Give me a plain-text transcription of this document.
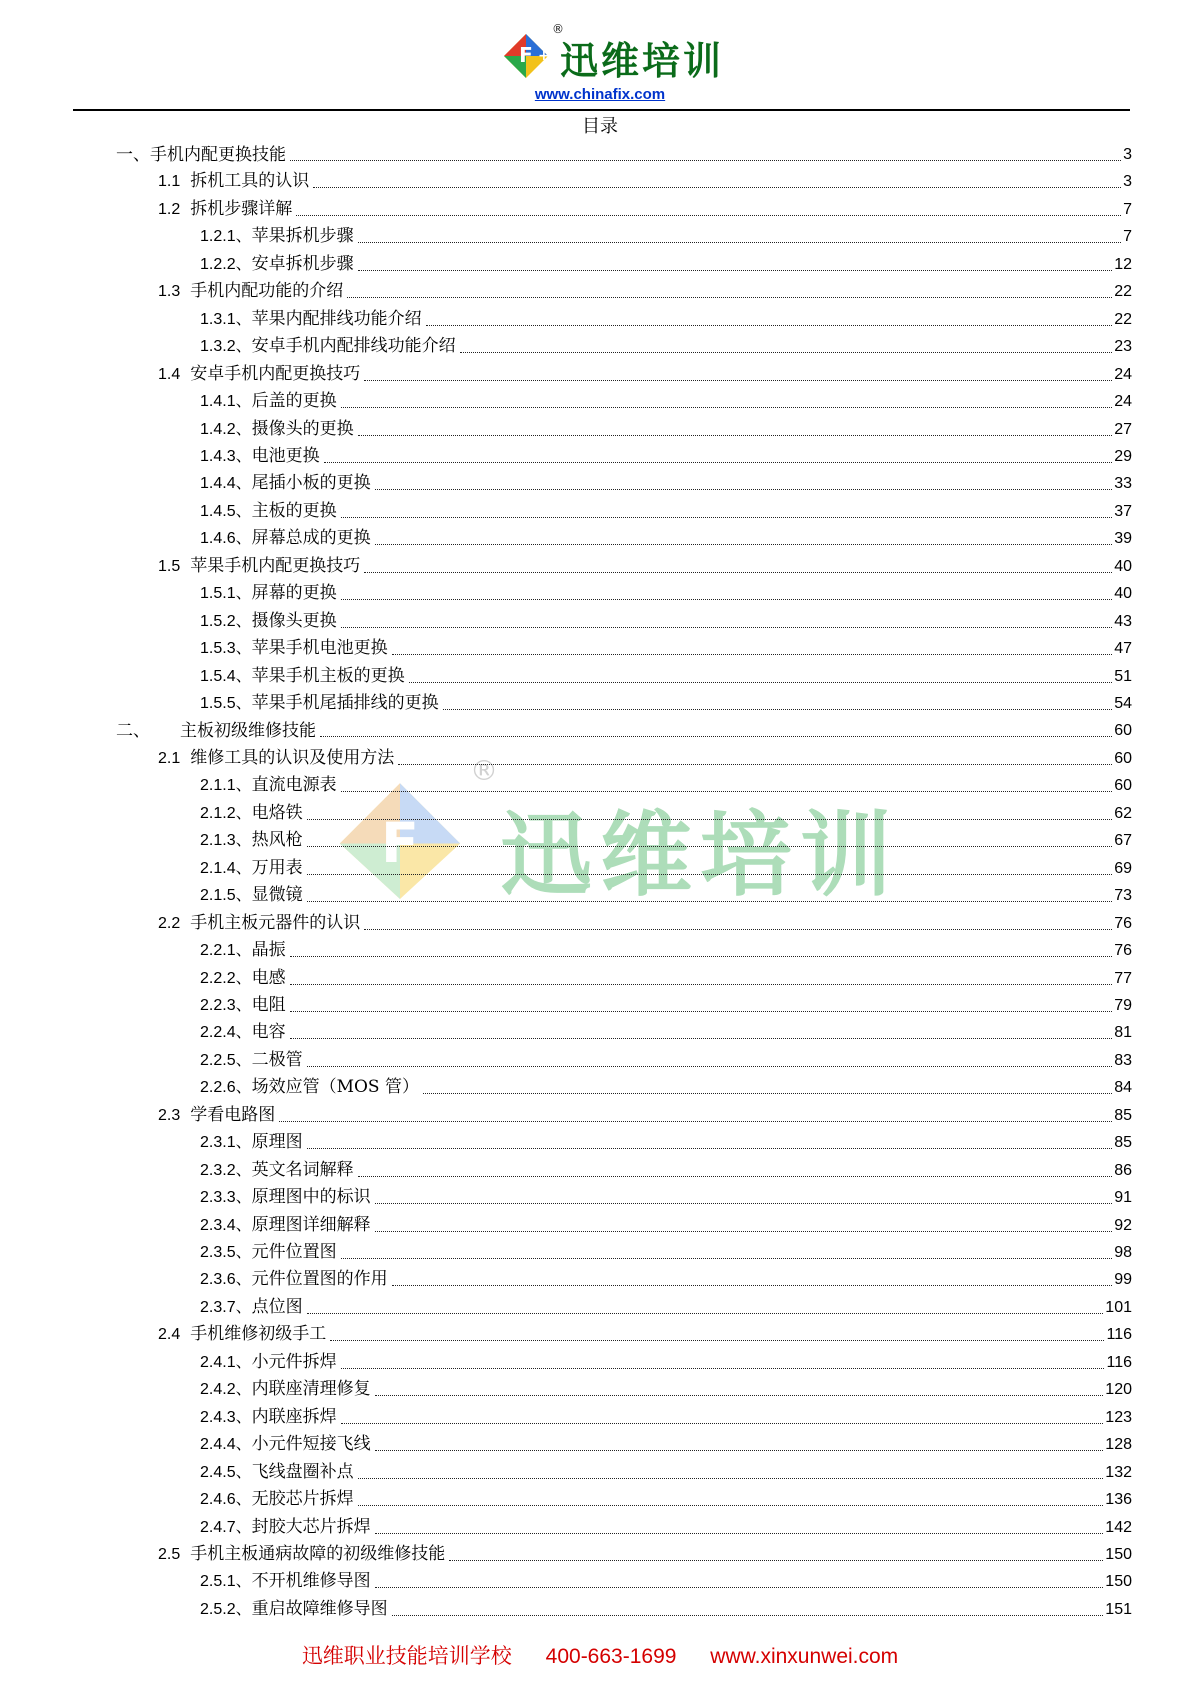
F +
®
迅维培训
www.chinafix.com
目录
F
®
迅维培训
一、手机内配更换技能	3
1.1 拆机工具的认识	3
1.2 拆机步骤详解	7
1.2.1、苹果拆机步骤	7
1.2.2、安卓拆机步骤	12
1.3 手机内配功能的介绍	22
1.3.1、苹果内配排线功能介绍	22
1.3.2、安卓手机内配排线功能介绍	23
1.4 安卓手机内配更换技巧	24
1.4.1、后盖的更换	24
1.4.2、摄像头的更换	27
1.4.3、电池更换	29
1.4.4、尾插小板的更换	33
1.4.5、主板的更换	37
1.4.6、屏幕总成的更换	39
1.5 苹果手机内配更换技巧	40
1.5.1、屏幕的更换	40
1.5.2、摄像头更换	43
1.5.3、苹果手机电池更换	47
1.5.4、苹果手机主板的更换	51
1.5.5、苹果手机尾插排线的更换	54
二、 主板初级维修技能	60
2.1 维修工具的认识及使用方法	60
2.1.1、直流电源表	60
2.1.2、电烙铁	62
2.1.3、热风枪	67
2.1.4、万用表	69
2.1.5、显微镜	73
2.2 手机主板元器件的认识	76
2.2.1、晶振	76
2.2.2、电感	77
2.2.3、电阻	79
2.2.4、电容	81
2.2.5、二极管	83
2.2.6、场效应管（MOS 管）	84
2.3 学看电路图	85
2.3.1、原理图	85
2.3.2、英文名词解释	86
2.3.3、原理图中的标识	91
2.3.4、原理图详细解释	92
2.3.5、元件位置图	98
2.3.6、元件位置图的作用	99
2.3.7、点位图	101
2.4 手机维修初级手工	116
2.4.1、小元件拆焊	116
2.4.2、内联座清理修复	120
2.4.3、内联座拆焊	123
2.4.4、小元件短接飞线	128
2.4.5、飞线盘圈补点	132
2.4.6、无胶芯片拆焊	136
2.4.7、封胶大芯片拆焊	142
2.5 手机主板通病故障的初级维修技能	150
2.5.1、不开机维修导图	150
2.5.2、重启故障维修导图	151
迅维职业技能培训学校 400-663-1699 www.xinxunwei.com
